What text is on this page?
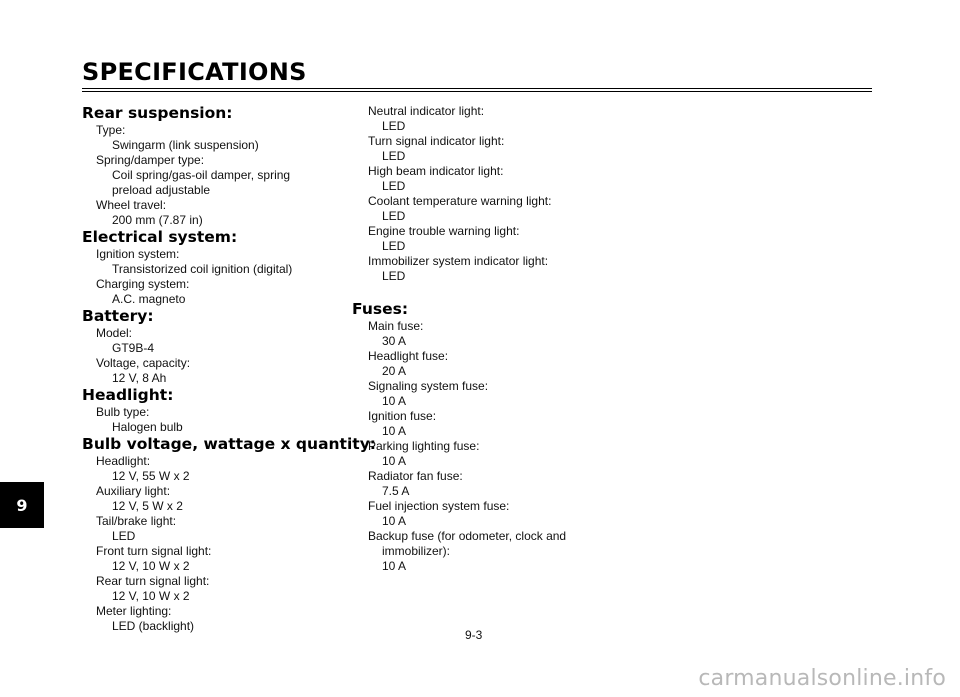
SPECIFICATIONS
Rear suspension:
Type:
Swingarm (link suspension)
Spring/damper type:
Coil spring/gas-oil damper, spring
preload adjustable
Wheel travel:
200 mm (7.87 in)
Electrical system:
Ignition system:
Transistorized coil ignition (digital)
Charging system:
A.C. magneto
Battery:
Model:
GT9B-4
Voltage, capacity:
12 V, 8 Ah
Headlight:
Bulb type:
Halogen bulb
Bulb voltage, wattage x quantity:
Headlight:
12 V, 55 W x 2
Auxiliary light:
12 V, 5 W x 2
Tail/brake light:
LED
Front turn signal light:
12 V, 10 W x 2
Rear turn signal light:
12 V, 10 W x 2
Meter lighting:
LED (backlight)
Neutral indicator light:
LED
Turn signal indicator light:
LED
High beam indicator light:
LED
Coolant temperature warning light:
LED
Engine trouble warning light:
LED
Immobilizer system indicator light:
LED
Fuses:
Main fuse:
30 A
Headlight fuse:
20 A
Signaling system fuse:
10 A
Ignition fuse:
10 A
Parking lighting fuse:
10 A
Radiator fan fuse:
7.5 A
Fuel injection system fuse:
10 A
Backup fuse (for odometer, clock and
immobilizer):
10 A
9
9-3
carmanualsonline.info
